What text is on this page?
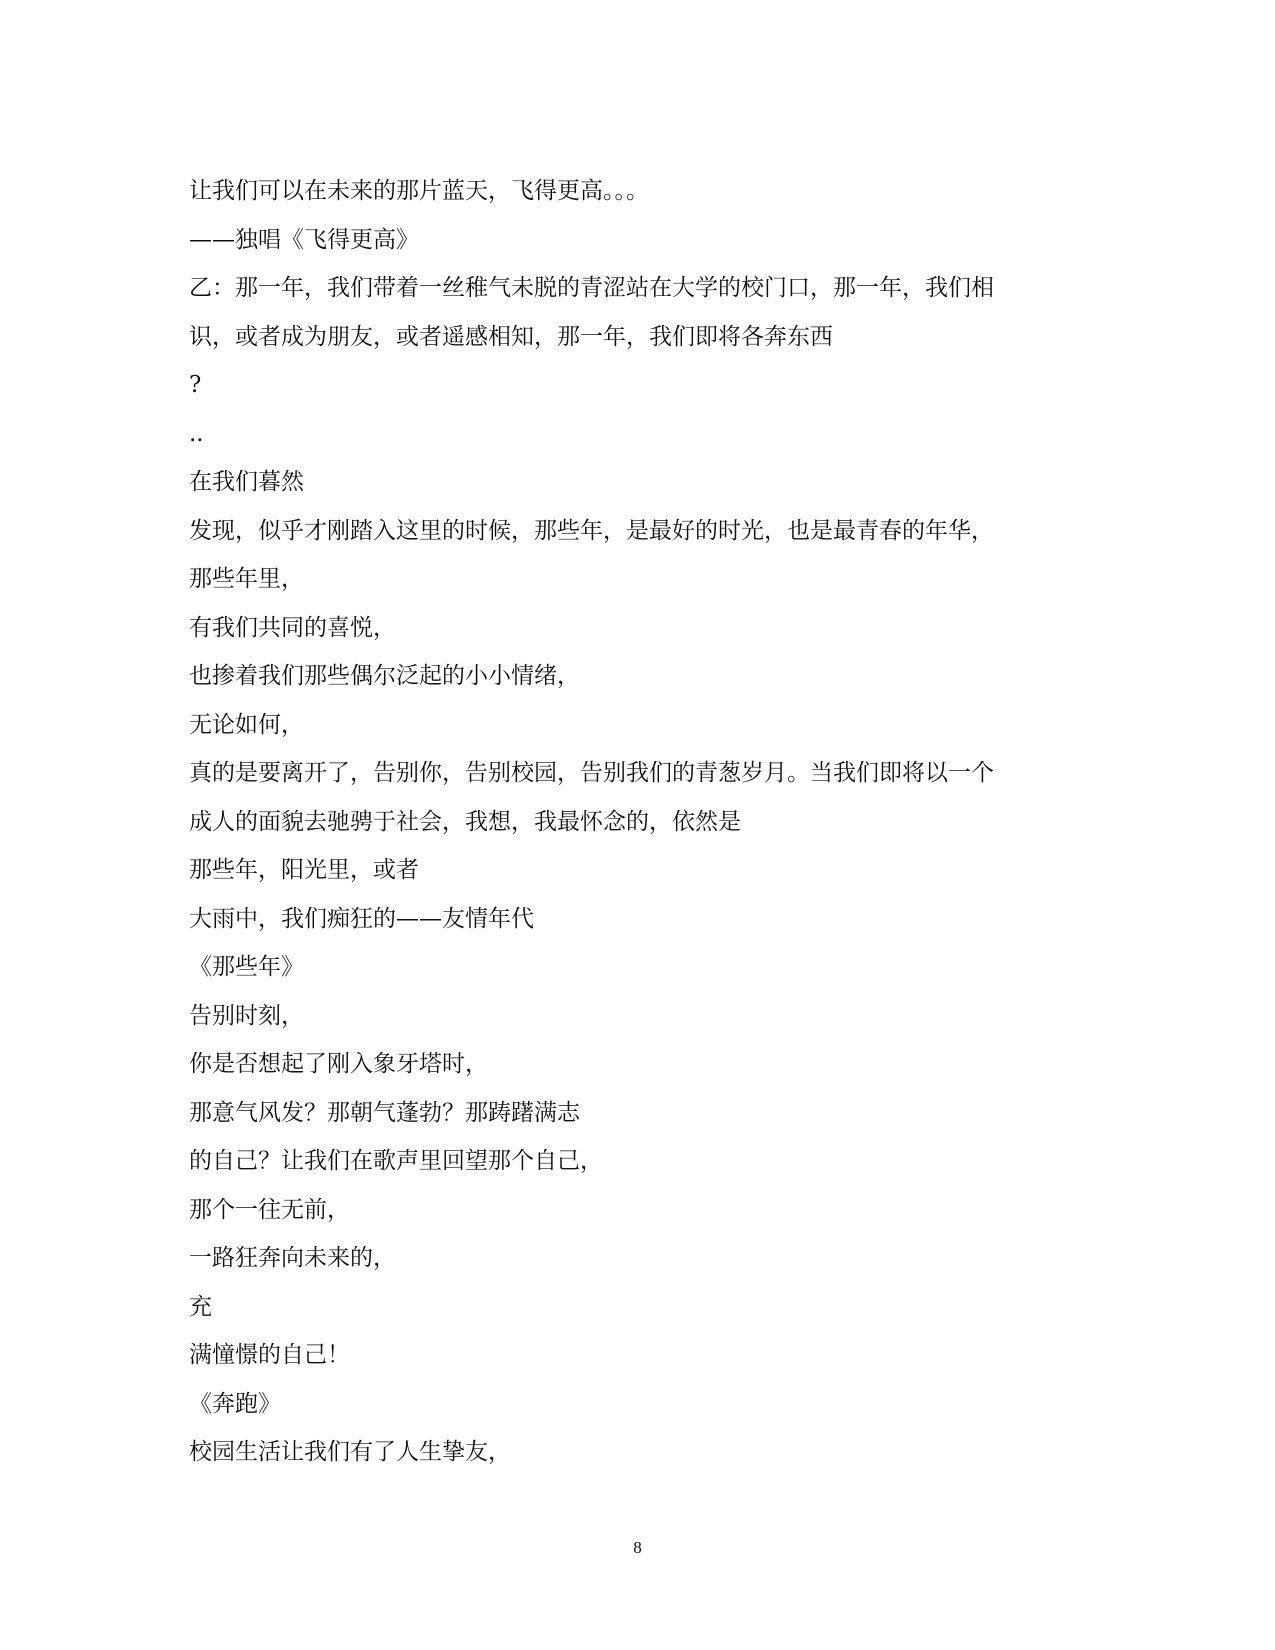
让我们可以在未来的那片蓝天，飞得更高。。。
——独唱《飞得更高》
乙：那一年，我们带着一丝稚气未脱的青涩站在大学的校门口，那一年，我们相
识，或者成为朋友，或者遥感相知，那一年，我们即将各奔东西
?
..
在我们暮然
发现，似乎才刚踏入这里的时候，那些年，是最好的时光，也是最青春的年华，
那些年里，
有我们共同的喜悦，
也掺着我们那些偶尔泛起的小小情绪，
无论如何，
真的是要离开了，告别你，告别校园，告别我们的青葱岁月。当我们即将以一个
成人的面貌去驰骋于社会，我想，我最怀念的，依然是
那些年，阳光里，或者
大雨中，我们痴狂的——友情年代
《那些年》
告别时刻，
你是否想起了刚入象牙塔时，
那意气风发？那朝气蓬勃？那踌躇满志
的自己？让我们在歌声里回望那个自己，
那个一往无前，
一路狂奔向未来的，
充
满憧憬的自己！
《奔跑》
校园生活让我们有了人生挚友，
8
